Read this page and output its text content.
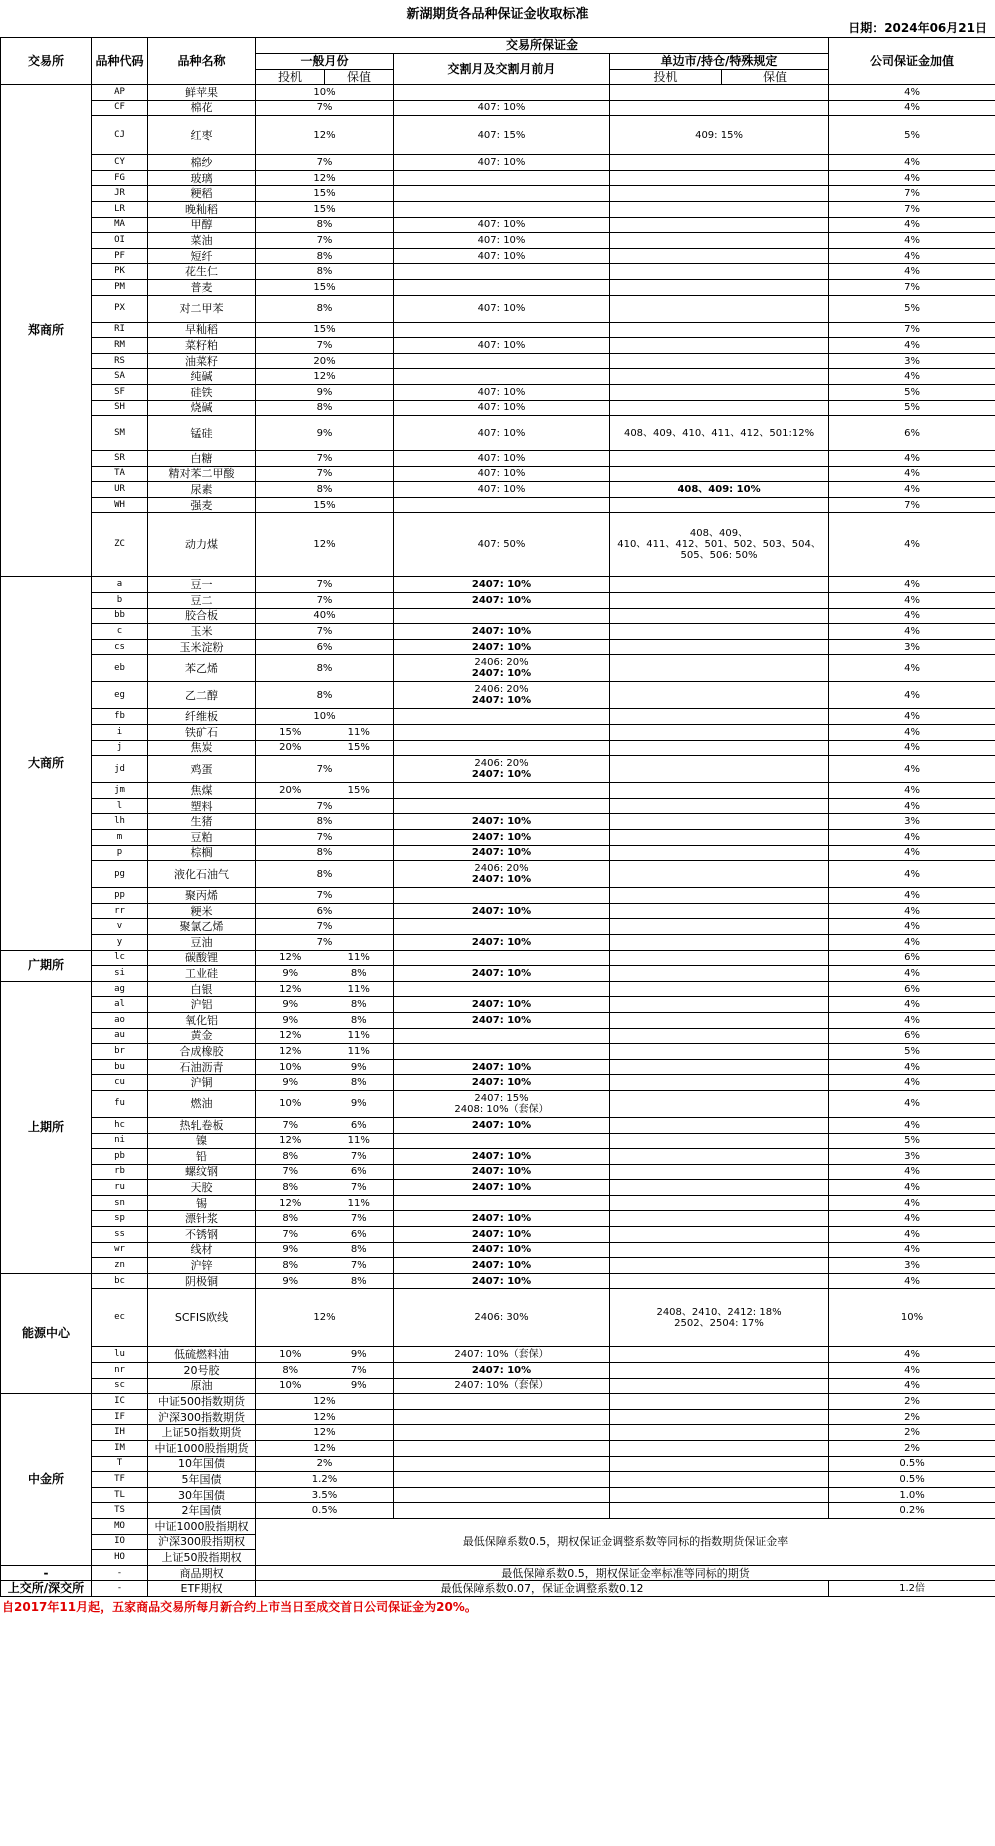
新湖期货各品种保证金收取标准
日期：2024年06月21日
交易所	品种代码	品种名称	交易所保证金					公司保证金加值
			一般月份		交割月及交割月前月	单边市/持仓/特殊规定		
			投机	保值		投机	保值	
郑商所	AP	鲜苹果	10%					4%
	CF	棉花	7%		407: 10%			4%
	CJ	红枣	12%		407: 15%	409: 15%		5%
	CY	棉纱	7%		407: 10%			4%
	FG	玻璃	12%					4%
	JR	粳稻	15%					7%
	LR	晚籼稻	15%					7%
	MA	甲醇	8%		407: 10%			4%
	OI	菜油	7%		407: 10%			4%
	PF	短纤	8%		407: 10%			4%
	PK	花生仁	8%					4%
	PM	普麦	15%					7%
	PX	对二甲苯	8%		407: 10%			5%
	RI	早籼稻	15%					7%
	RM	菜籽粕	7%		407: 10%			4%
	RS	油菜籽	20%					3%
	SA	纯碱	12%					4%
	SF	硅铁	9%		407: 10%			5%
	SH	烧碱	8%		407: 10%			5%
	SM	锰硅	9%		407: 10%	408、409、410、411、412、501:12%		6%
	SR	白糖	7%		407: 10%			4%
	TA	精对苯二甲酸	7%		407: 10%			4%
	UR	尿素	8%		407: 10%	408、409: 10%		4%
	WH	强麦	15%					7%
	ZC	动力煤	12%		407: 50%	408、409、
410、411、412、501、502、503、504、
505、506: 50%		4%
大商所	a	豆一	7%		2407: 10%			4%
	b	豆二	7%		2407: 10%			4%
	bb	胶合板	40%					4%
	c	玉米	7%		2407: 10%			4%
	cs	玉米淀粉	6%		2407: 10%			3%
	eb	苯乙烯	8%		2406: 20%
2407: 10%			4%
	eg	乙二醇	8%		2406: 20%
2407: 10%			4%
	fb	纤维板	10%					4%
	i	铁矿石	15%	11%				4%
	j	焦炭	20%	15%				4%
	jd	鸡蛋	7%		2406: 20%
2407: 10%			4%
	jm	焦煤	20%	15%				4%
	l	塑料	7%					4%
	lh	生猪	8%		2407: 10%			3%
	m	豆粕	7%		2407: 10%			4%
	p	棕榈	8%		2407: 10%			4%
	pg	液化石油气	8%		2406: 20%
2407: 10%			4%
	pp	聚丙烯	7%					4%
	rr	粳米	6%		2407: 10%			4%
	v	聚氯乙烯	7%					4%
	y	豆油	7%		2407: 10%			4%
广期所	lc	碳酸锂	12%	11%				6%
	si	工业硅	9%	8%	2407: 10%			4%
上期所	ag	白银	12%	11%				6%
	al	沪铝	9%	8%	2407: 10%			4%
	ao	氧化铝	9%	8%	2407: 10%			4%
	au	黄金	12%	11%				6%
	br	合成橡胶	12%	11%				5%
	bu	石油沥青	10%	9%	2407: 10%			4%
	cu	沪铜	9%	8%	2407: 10%			4%
	fu	燃油	10%	9%	2407: 15%
2408: 10%（套保）			4%
	hc	热轧卷板	7%	6%	2407: 10%			4%
	ni	镍	12%	11%				5%
	pb	铅	8%	7%	2407: 10%			3%
	rb	螺纹钢	7%	6%	2407: 10%			4%
	ru	天胶	8%	7%	2407: 10%			4%
	sn	锡	12%	11%				4%
	sp	漂针浆	8%	7%	2407: 10%			4%
	ss	不锈钢	7%	6%	2407: 10%			4%
	wr	线材	9%	8%	2407: 10%			4%
	zn	沪锌	8%	7%	2407: 10%			3%
能源中心	bc	阴极铜	9%	8%	2407: 10%			4%
	ec	SCFIS欧线	12%		2406: 30%	2408、2410、2412: 18%
2502、2504: 17%		10%
	lu	低硫燃料油	10%	9%	2407: 10%（套保）			4%
	nr	20号胶	8%	7%	2407: 10%			4%
	sc	原油	10%	9%	2407: 10%（套保）			4%
中金所	IC	中证500指数期货	12%					2%
	IF	沪深300指数期货	12%					2%
	IH	上证50指数期货	12%					2%
	IM	中证1000股指期货	12%					2%
	T	10年国债	2%					0.5%
	TF	5年国债	1.2%					0.5%
	TL	30年国债	3.5%					1.0%
	TS	2年国债	0.5%					0.2%
	MO	中证1000股指期权	最低保障系数0.5，期权保证金调整系数等同标的指数期货保证金率					
	IO	沪深300股指期权						
	HO	上证50股指期权						
-	-	商品期权	最低保障系数0.5，期权保证金率标准等同标的期货					
上交所/深交所	-	ETF期权	最低保障系数0.07，保证金调整系数0.12					1.2倍
自2017年11月起，五家商品交易所每月新合约上市当日至成交首日公司保证金为20%。
